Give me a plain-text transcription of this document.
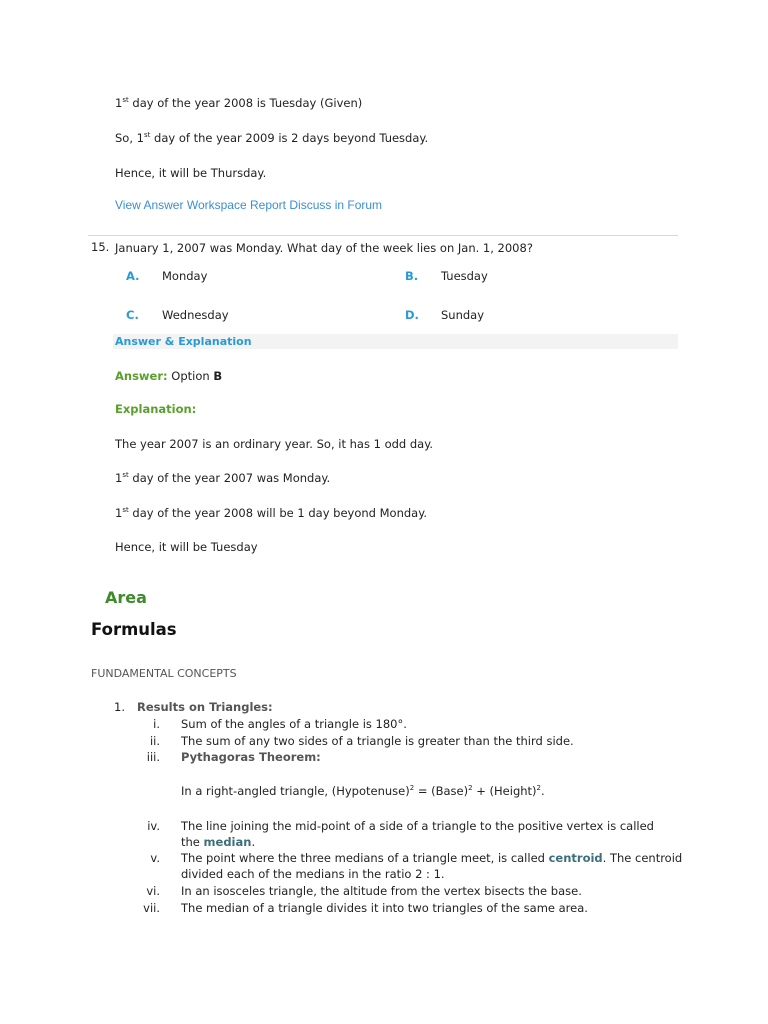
1st day of the year 2008 is Tuesday (Given)
So, 1st day of the year 2009 is 2 days beyond Tuesday.
Hence, it will be Thursday.
View Answer Workspace Report Discuss in Forum
15. January 1, 2007 was Monday. What day of the week lies on Jan. 1, 2008?
A. Monday	B. Tuesday
C. Wednesday	D. Sunday
Answer & Explanation
Answer: Option B
Explanation:
The year 2007 is an ordinary year. So, it has 1 odd day.
1st day of the year 2007 was Monday.
1st day of the year 2008 will be 1 day beyond Monday.
Hence, it will be Tuesday
Area
Formulas
FUNDAMENTAL CONCEPTS
1. Results on Triangles:
i. Sum of the angles of a triangle is 180°.
ii. The sum of any two sides of a triangle is greater than the third side.
iii. Pythagoras Theorem:
In a right-angled triangle, (Hypotenuse)$^2$ = (Base)$^2$ + (Height)$^2$.
iv. The line joining the mid-point of a side of a triangle to the positive vertex is called
the median.
v. The point where the three medians of a triangle meet, is called centroid. The centroid
divided each of the medians in the ratio 2 : 1.
vi. In an isosceles triangle, the altitude from the vertex bisects the base.
vii. The median of a triangle divides it into two triangles of the same area.
